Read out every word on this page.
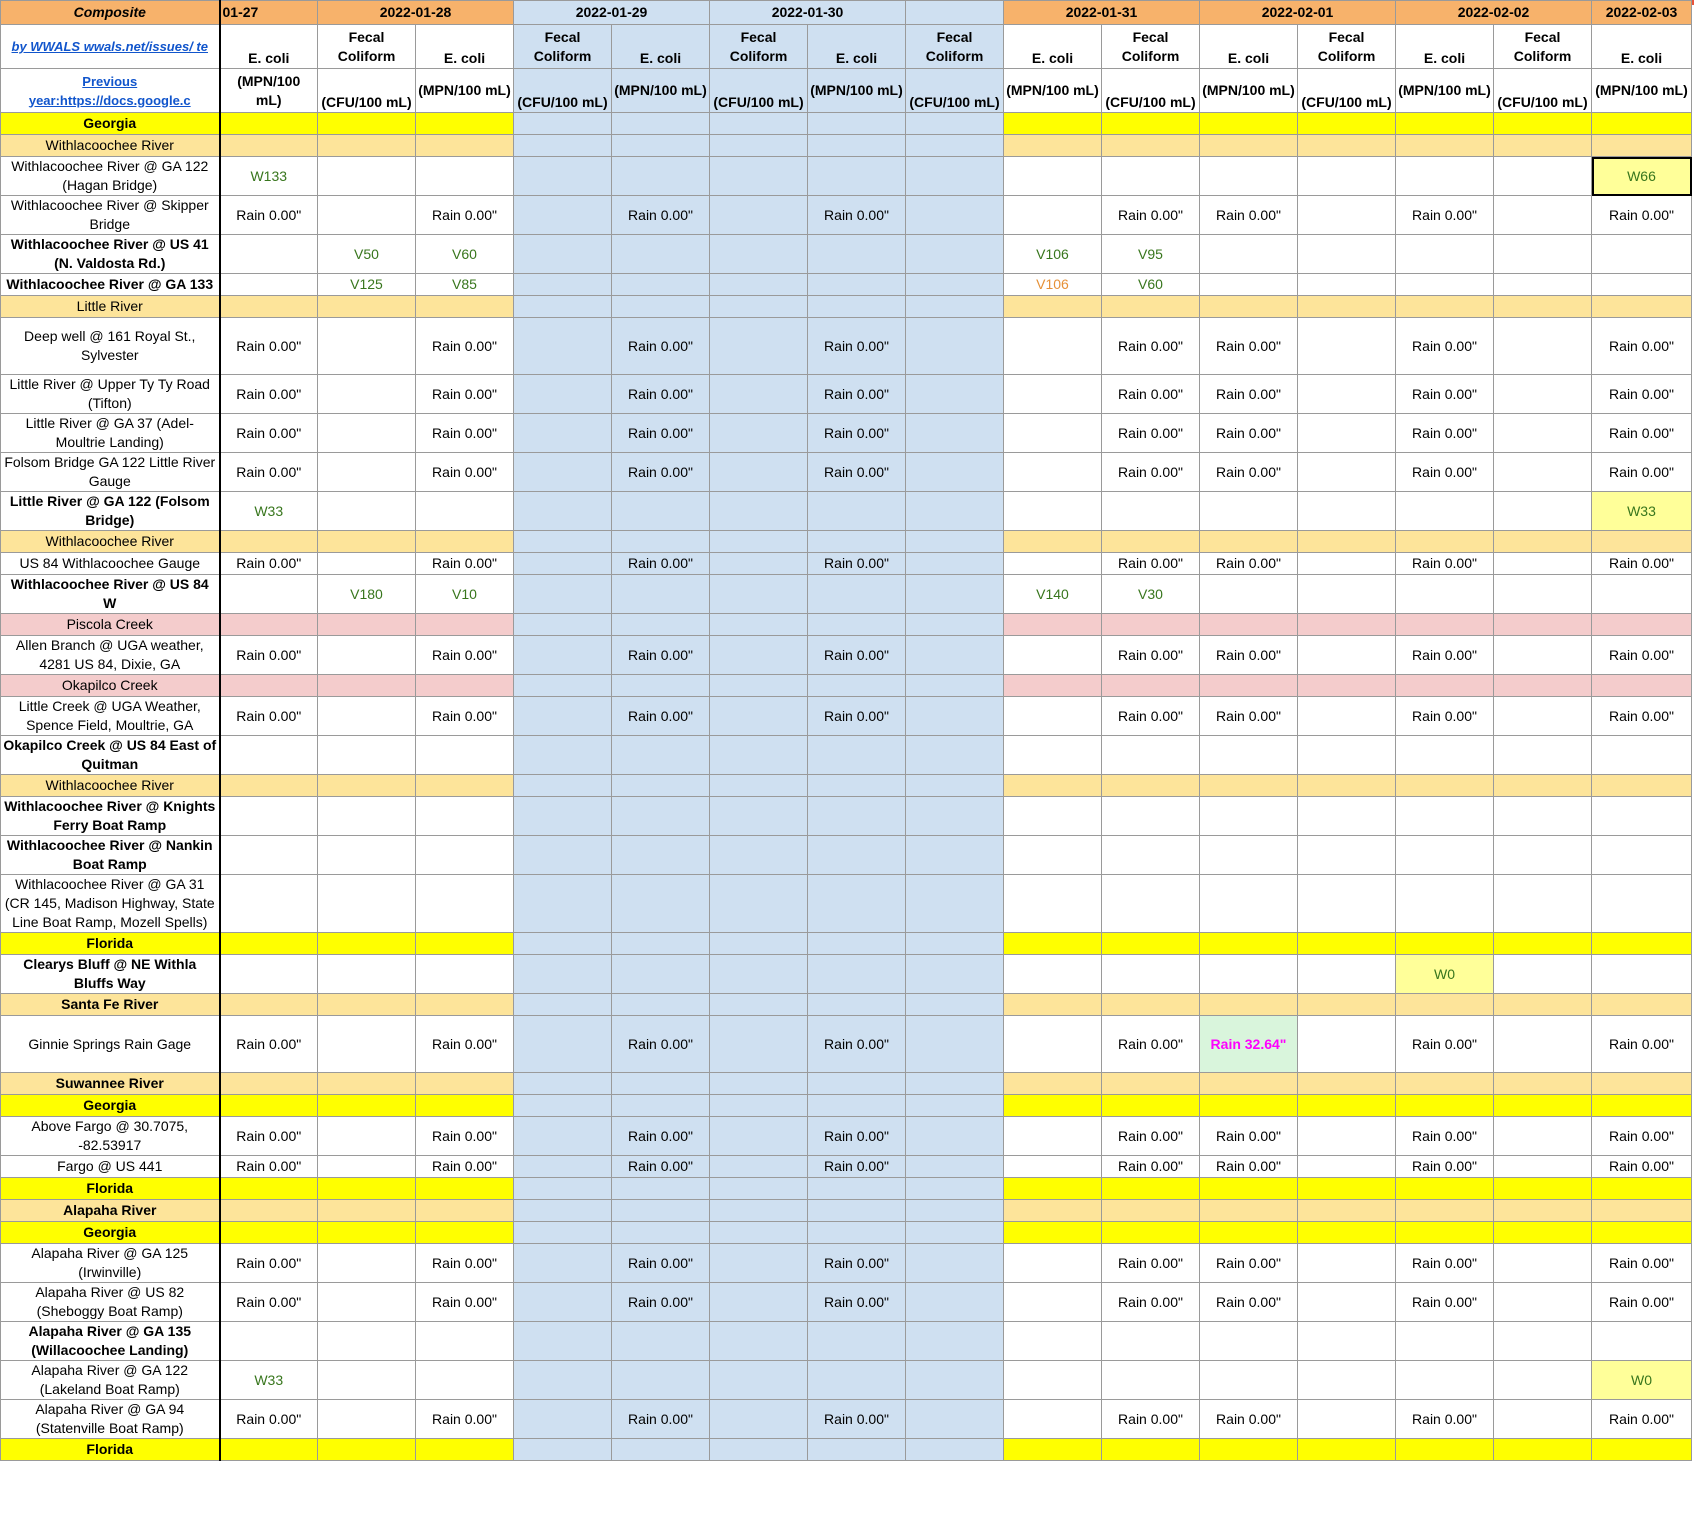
Composite	01-27	2022-01-28		2022-01-29		2022-01-30			2022-01-31		2022-02-01		2022-02-02		2022-02-03
by WWALS wwals.net/issues/ te	E. coli	Fecal Coliform	E. coli	Fecal Coliform	E. coli	Fecal Coliform	E. coli	Fecal Coliform	E. coli	Fecal Coliform	E. coli	Fecal Coliform	E. coli	Fecal Coliform	E. coli
Previous year:https://docs.google.c	(MPN/100 mL)	(CFU/100 mL)	(MPN/100 mL)	(CFU/100 mL)	(MPN/100 mL)	(CFU/100 mL)	(MPN/100 mL)	(CFU/100 mL)	(MPN/100 mL)	(CFU/100 mL)	(MPN/100 mL)	(CFU/100 mL)	(MPN/100 mL)	(CFU/100 mL)	(MPN/100 mL)
Georgia															
Withlacoochee River															
Withlacoochee River @ GA 122 (Hagan Bridge)	W133														W66
Withlacoochee River @ Skipper Bridge	Rain 0.00"		Rain 0.00"		Rain 0.00"		Rain 0.00"			Rain 0.00"	Rain 0.00"		Rain 0.00"		Rain 0.00"
Withlacoochee River @ US 41 (N. Valdosta Rd.)		V50	V60						V106	V95					
Withlacoochee River @ GA 133		V125	V85						V106	V60					
Little River															
Deep well @ 161 Royal St., Sylvester	Rain 0.00"		Rain 0.00"		Rain 0.00"		Rain 0.00"			Rain 0.00"	Rain 0.00"		Rain 0.00"		Rain 0.00"
Little River @ Upper Ty Ty Road (Tifton)	Rain 0.00"		Rain 0.00"		Rain 0.00"		Rain 0.00"			Rain 0.00"	Rain 0.00"		Rain 0.00"		Rain 0.00"
Little River @ GA 37 (Adel-Moultrie Landing)	Rain 0.00"		Rain 0.00"		Rain 0.00"		Rain 0.00"			Rain 0.00"	Rain 0.00"		Rain 0.00"		Rain 0.00"
Folsom Bridge GA 122 Little River Gauge	Rain 0.00"		Rain 0.00"		Rain 0.00"		Rain 0.00"			Rain 0.00"	Rain 0.00"		Rain 0.00"		Rain 0.00"
Little River @ GA 122 (Folsom Bridge)	W33														W33
Withlacoochee River															
US 84 Withlacoochee Gauge	Rain 0.00"		Rain 0.00"		Rain 0.00"		Rain 0.00"			Rain 0.00"	Rain 0.00"		Rain 0.00"		Rain 0.00"
Withlacoochee River @ US 84 W		V180	V10						V140	V30					
Piscola Creek															
Allen Branch @ UGA weather, 4281 US 84, Dixie, GA	Rain 0.00"		Rain 0.00"		Rain 0.00"		Rain 0.00"			Rain 0.00"	Rain 0.00"		Rain 0.00"		Rain 0.00"
Okapilco Creek															
Little Creek @ UGA Weather, Spence Field, Moultrie, GA	Rain 0.00"		Rain 0.00"		Rain 0.00"		Rain 0.00"			Rain 0.00"	Rain 0.00"		Rain 0.00"		Rain 0.00"
Okapilco Creek @ US 84 East of Quitman															
Withlacoochee River															
Withlacoochee River @ Knights Ferry Boat Ramp															
Withlacoochee River @ Nankin Boat Ramp															
Withlacoochee River @ GA 31 (CR 145, Madison Highway, State Line Boat Ramp, Mozell Spells)															
Florida															
Clearys Bluff @ NE Withla Bluffs Way													W0		
Santa Fe River															
Ginnie Springs Rain Gage	Rain 0.00"		Rain 0.00"		Rain 0.00"		Rain 0.00"			Rain 0.00"	Rain 32.64"		Rain 0.00"		Rain 0.00"
Suwannee River															
Georgia															
Above Fargo @ 30.7075, -82.53917	Rain 0.00"		Rain 0.00"		Rain 0.00"		Rain 0.00"			Rain 0.00"	Rain 0.00"		Rain 0.00"		Rain 0.00"
Fargo @ US 441	Rain 0.00"		Rain 0.00"		Rain 0.00"		Rain 0.00"			Rain 0.00"	Rain 0.00"		Rain 0.00"		Rain 0.00"
Florida															
Alapaha River															
Georgia															
Alapaha River @ GA 125 (Irwinville)	Rain 0.00"		Rain 0.00"		Rain 0.00"		Rain 0.00"			Rain 0.00"	Rain 0.00"		Rain 0.00"		Rain 0.00"
Alapaha River @ US 82 (Sheboggy Boat Ramp)	Rain 0.00"		Rain 0.00"		Rain 0.00"		Rain 0.00"			Rain 0.00"	Rain 0.00"		Rain 0.00"		Rain 0.00"
Alapaha River @ GA 135 (Willacoochee Landing)															
Alapaha River @ GA 122 (Lakeland Boat Ramp)	W33														W0
Alapaha River @ GA 94 (Statenville Boat Ramp)	Rain 0.00"		Rain 0.00"		Rain 0.00"		Rain 0.00"			Rain 0.00"	Rain 0.00"		Rain 0.00"		Rain 0.00"
Florida															
